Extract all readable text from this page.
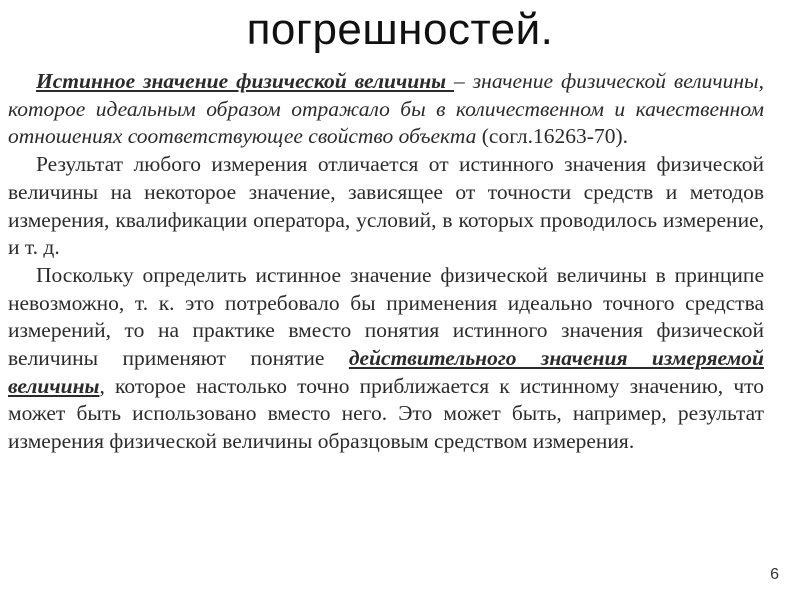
погрешностей.

Истинное значение физической величины – значение физической величины, которое идеальным образом отражало бы в количественном и качественном отношениях соответствующее свойство объекта (согл.16263-70).

Результат любого измерения отличается от истинного значения физической величины на некоторое значение, зависящее от точности средств и методов измерения, квалификации оператора, условий, в которых проводилось измерение, и т. д.

Поскольку определить истинное значение физической величины в принципе невозможно, т. к. это потребовало бы применения идеально точного средства измерений, то на практике вместо понятия истинного значения физической величины применяют понятие действительного значения измеряемой величины, которое настолько точно приближается к истинному значению, что может быть использовано вместо него. Это может быть, например, результат измерения физической величины образцовым средством измерения.

6
